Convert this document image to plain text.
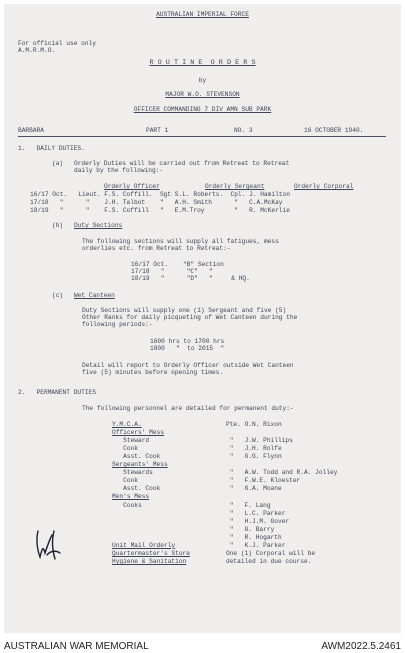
AUSTRALIAN IMPERIAL FORCE
For official use only
A.M.R.M.O.
R O U T I N E  O R D E R S
by
MAJOR W.O. STEVENSON
OFFICER COMMANDING 7 DIV AMN SUB PARK
BARBARA	PART 1	NO. 3	16 OCTOBER 1940.
1.   DAILY DUTIES.
(a) Orderly Duties will be carried out from Retreat to Retreat
daily by the following:-
Orderly Officer	Orderly Sergeant	Orderly Corporal
16/17 Oct.   Lieut. F.S. Coffill.  Sgt S.L. Roberts.  Cpl. J. Hamilton
17/18   "      "    J.H. Talbot    "   A.H. Smith      "   C.A.McKay
18/19   "      "    F.S. Coffill   "   E.M.Troy        "   R. McKerlie
(b) Duty Sections
The following sections will supply all fatigues, mess
orderlies etc. from Retreat to Retreat:-
16/17 Oct.    "B" Section
17/18   "      "C"   "
18/19   "      "D"   "     & HQ.
(c) Wet Canteen
Duty Sections will supply one (1) Sergeant and five (5)
Other Ranks for daily picqueting of Wet Canteen during the
following periods:-
1600 hrs to 1700 hrs
1800   "  to 2015  "
Detail will report to Orderly Officer outside Wet Canteen
five (5) minutes before opening times.
2.   PERMANENT DUTIES
The following personnel are detailed for permanent duty:-
Y.M.C.A.	Pte. O.N. Rixon
Officers' Mess
Steward	"   J.W. Phillips
Cook	"   J.H. Rolfe
Asst. Cook	"   G.G. Flynn
Sergeants' Mess
Stewards	"   A.W. Todd and R.A. Jolley
Cook	"   F.W.E. Kloester
Asst. Cook	"   G.A. Moane
Men's Mess
Cooks	"   F. Lang
"   L.C. Parker
"   H.J.M. Gover
"   G. Barry
"   R. Hogarth
Unit Mail Orderly	"   K.J. Parker
Quartermaster's Store	One (1) Corporal will be
Hygiene & Sanitation	detailed in due course.
AUSTRALIAN WAR MEMORIAL	AWM2022.5.2461
